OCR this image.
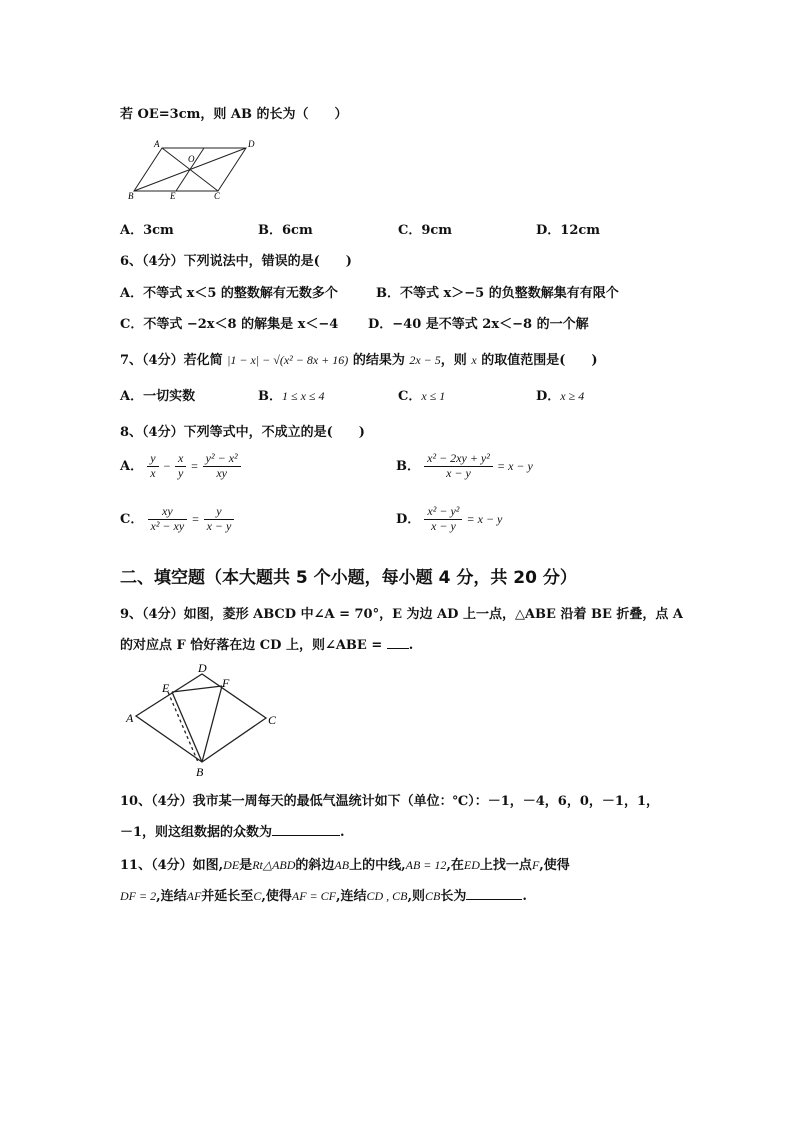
若 OE=3cm，则 AB 的长为（　　）
A	D
B	C
O
E
A．3cm	B．6cm	C．9cm	D．12cm
6、（4分）下列说法中，错误的是(　　)
A．不等式 x＜5 的整数解有无数多个	B．不等式 x＞−5 的负整数解集有有限个
C．不等式 −2x＜8 的解集是 x＜−4 D．−40 是不等式 2x＜−8 的一个解
7、（4分）若化简 |1 − x| − √(x² − 8x + 16) 的结果为 2x − 5，则 x 的取值范围是(　　)
A．一切实数	B．1 ≤ x ≤ 4	C．x ≤ 1	D．x ≥ 4
8、（4分）下列等式中，不成立的是(　　)
A． $\frac{y}{x} - \frac{x}{y} = \frac{\text{y² − x²}}{xy}$	B． $\frac{\text{x² − 2xy + y²}}{x - y} = x - y$
C． $\frac{xy}{\text{x² − xy}} = \frac{y}{x - y}$	D． $\frac{\text{x² − y²}}{x - y} = x - y$
二、填空题（本大题共 5 个小题，每小题 4 分，共 20 分）
9、（4分）如图，菱形 ABCD 中∠A = 70°，E 为边 AD 上一点，△ABE 沿着 BE 折叠，点 A
的对应点 F 恰好落在边 CD 上，则∠ABE = .
A
D
C
B
E	F
10、（4分）我市某一周每天的最低气温统计如下（单位：℃）：－1，－4，6，0，－1，1，
－1，则这组数据的众数为	.
11、（4分）如图,DE是Rt△ABD的斜边AB上的中线,AB = 12,在ED上找一点F,使得
DF = 2,连结AF并延长至C,使得AF = CF,连结CD , CB,则CB长为	.
